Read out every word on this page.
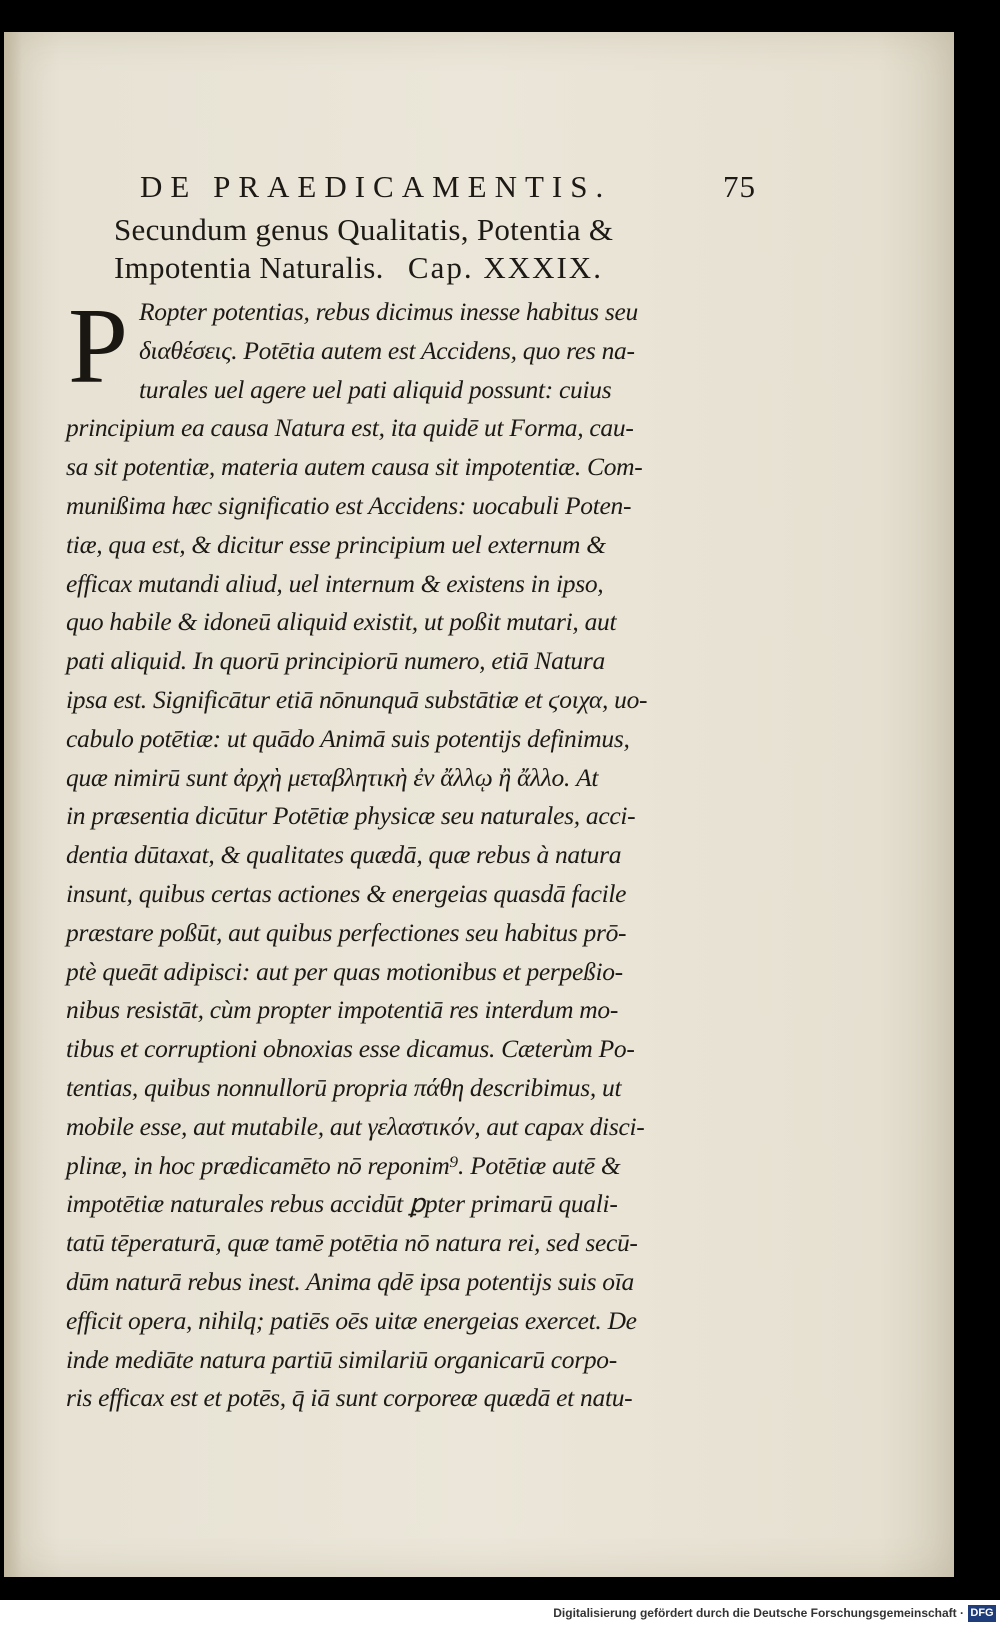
DE PRAEDICAMENTIS.	75
Secundum genus Qualitatis, Potentia &
Impotentia Naturalis. Cap. XXXIX.
P Ropter potentias, rebus dicimus inesse habitus seu
διαθέσεις. Potētia autem est Accidens, quo res na-
turales uel agere uel pati aliquid possunt: cuius
principium ea causa Natura est, ita quidē ut Forma, cau-
sa sit potentiæ, materia autem causa sit impotentiæ. Com-
munißima hæc significatio est Accidens: uocabuli Poten-
tiæ, qua est, & dicitur esse principium uel externum &
efficax mutandi aliud, uel internum & existens in ipso,
quo habile & idoneū aliquid existit, ut poßit mutari, aut
pati aliquid. In quorū principiorū numero, etiā Natura
ipsa est. Significātur etiā nōnunquā substātiæ et ϛοιχα, uo-
cabulo potētiæ: ut quādo Animā suis potentijs definimus,
quæ nimirū sunt ἀρχὴ μεταβλητικὴ ἐν ἄλλῳ ἢ ἄλλο. At
in præsentia dicūtur Potētiæ physicæ seu naturales, acci-
dentia dūtaxat, & qualitates quædā, quæ rebus à natura
insunt, quibus certas actiones & energeias quasdā facile
præstare poßūt, aut quibus perfectiones seu habitus prō-
ptè queāt adipisci: aut per quas motionibus et perpeßio-
nibus resistāt, cùm propter impotentiā res interdum mo-
tibus et corruptioni obnoxias esse dicamus. Cæterùm Po-
tentias, quibus nonnullorū propria πάθη describimus, ut
mobile esse, aut mutabile, aut γελαστικόν, aut capax disci-
plinæ, in hoc prædicamēto nō reponim⁹. Potētiæ autē &
impotētiæ naturales rebus accidūt ꝑpter primarū quali-
tatū tēperaturā, quæ tamē potētia nō natura rei, sed secū-
dūm naturā rebus inest. Anima qdē ipsa potentijs suis oīa
efficit opera, nihilq; patiēs oēs uitæ energeias exercet. De
inde mediāte natura partiū similariū organicarū corpo-
ris efficax est et potēs, q̄ iā sunt corporeæ quædā et natu-
Digitalisierung gefördert durch die Deutsche Forschungsgemeinschaft · DFG
